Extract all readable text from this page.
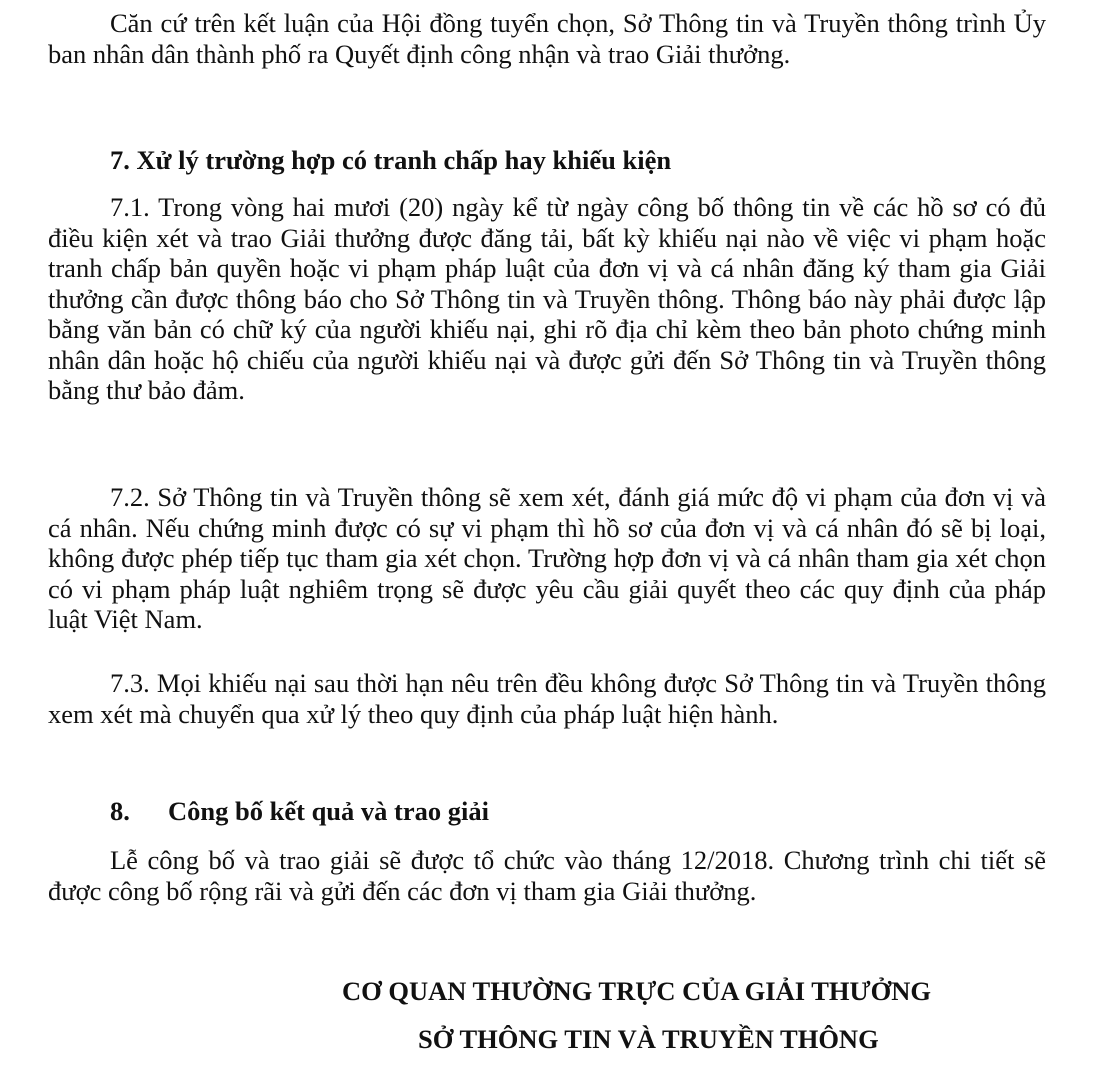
Căn cứ trên kết luận của Hội đồng tuyển chọn, Sở Thông tin và Truyền thông trình Ủy ban nhân dân thành phố ra Quyết định công nhận và trao Giải thưởng.

7. Xử lý trường hợp có tranh chấp hay khiếu kiện

7.1. Trong vòng hai mươi (20) ngày kể từ ngày công bố thông tin về các hồ sơ có đủ điều kiện xét và trao Giải thưởng được đăng tải, bất kỳ khiếu nại nào về việc vi phạm hoặc tranh chấp bản quyền hoặc vi phạm pháp luật của đơn vị và cá nhân đăng ký tham gia Giải thưởng cần được thông báo cho Sở Thông tin và Truyền thông. Thông báo này phải được lập bằng văn bản có chữ ký của người khiếu nại, ghi rõ địa chỉ kèm theo bản photo chứng minh nhân dân hoặc hộ chiếu của người khiếu nại và được gửi đến Sở Thông tin và Truyền thông bằng thư bảo đảm.

7.2. Sở Thông tin và Truyền thông sẽ xem xét, đánh giá mức độ vi phạm của đơn vị và cá nhân. Nếu chứng minh được có sự vi phạm thì hồ sơ của đơn vị và cá nhân đó sẽ bị loại, không được phép tiếp tục tham gia xét chọn. Trường hợp đơn vị và cá nhân tham gia xét chọn có vi phạm pháp luật nghiêm trọng sẽ được yêu cầu giải quyết theo các quy định của pháp luật Việt Nam.

7.3. Mọi khiếu nại sau thời hạn nêu trên đều không được Sở Thông tin và Truyền thông xem xét mà chuyển qua xử lý theo quy định của pháp luật hiện hành.

8. Công bố kết quả và trao giải

Lễ công bố và trao giải sẽ được tổ chức vào tháng 12/2018. Chương trình chi tiết sẽ được công bố rộng rãi và gửi đến các đơn vị tham gia Giải thưởng.

CƠ QUAN THƯỜNG TRỰC CỦA GIẢI THƯỞNG
SỞ THÔNG TIN VÀ TRUYỀN THÔNG
